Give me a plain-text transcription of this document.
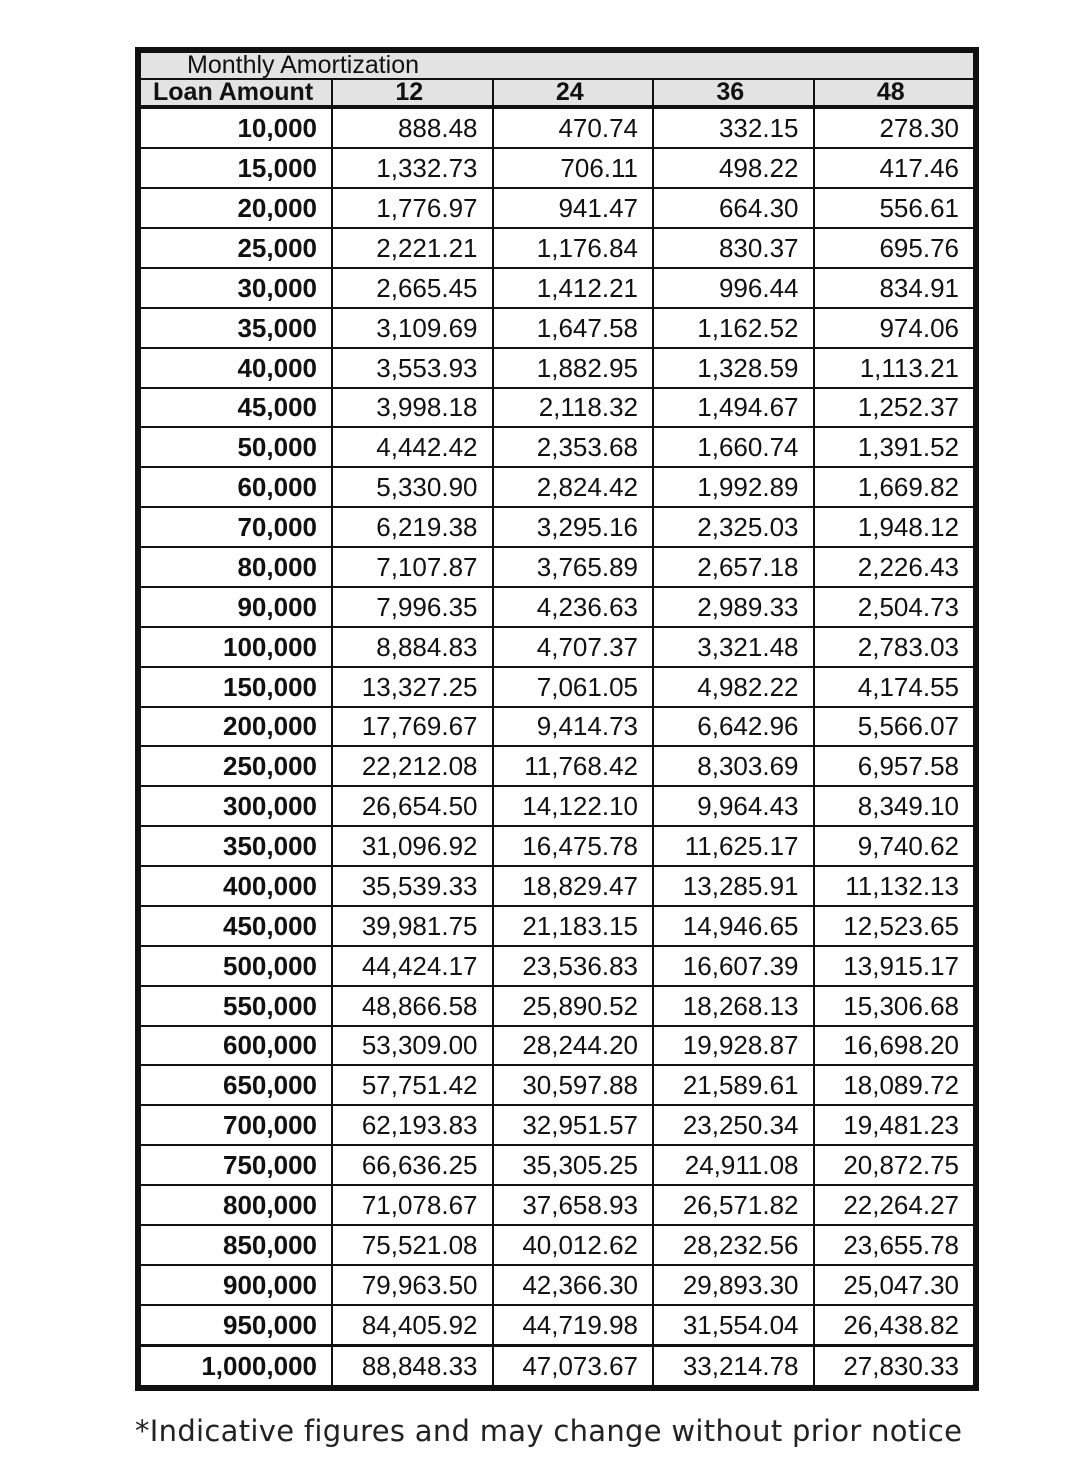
Monthly Amortization				
Loan Amount	12	24	36	48
10,000	888.48	470.74	332.15	278.30
15,000	1,332.73	706.11	498.22	417.46
20,000	1,776.97	941.47	664.30	556.61
25,000	2,221.21	1,176.84	830.37	695.76
30,000	2,665.45	1,412.21	996.44	834.91
35,000	3,109.69	1,647.58	1,162.52	974.06
40,000	3,553.93	1,882.95	1,328.59	1,113.21
45,000	3,998.18	2,118.32	1,494.67	1,252.37
50,000	4,442.42	2,353.68	1,660.74	1,391.52
60,000	5,330.90	2,824.42	1,992.89	1,669.82
70,000	6,219.38	3,295.16	2,325.03	1,948.12
80,000	7,107.87	3,765.89	2,657.18	2,226.43
90,000	7,996.35	4,236.63	2,989.33	2,504.73
100,000	8,884.83	4,707.37	3,321.48	2,783.03
150,000	13,327.25	7,061.05	4,982.22	4,174.55
200,000	17,769.67	9,414.73	6,642.96	5,566.07
250,000	22,212.08	11,768.42	8,303.69	6,957.58
300,000	26,654.50	14,122.10	9,964.43	8,349.10
350,000	31,096.92	16,475.78	11,625.17	9,740.62
400,000	35,539.33	18,829.47	13,285.91	11,132.13
450,000	39,981.75	21,183.15	14,946.65	12,523.65
500,000	44,424.17	23,536.83	16,607.39	13,915.17
550,000	48,866.58	25,890.52	18,268.13	15,306.68
600,000	53,309.00	28,244.20	19,928.87	16,698.20
650,000	57,751.42	30,597.88	21,589.61	18,089.72
700,000	62,193.83	32,951.57	23,250.34	19,481.23
750,000	66,636.25	35,305.25	24,911.08	20,872.75
800,000	71,078.67	37,658.93	26,571.82	22,264.27
850,000	75,521.08	40,012.62	28,232.56	23,655.78
900,000	79,963.50	42,366.30	29,893.30	25,047.30
950,000	84,405.92	44,719.98	31,554.04	26,438.82
1,000,000	88,848.33	47,073.67	33,214.78	27,830.33
*Indicative figures and may change without prior notice
